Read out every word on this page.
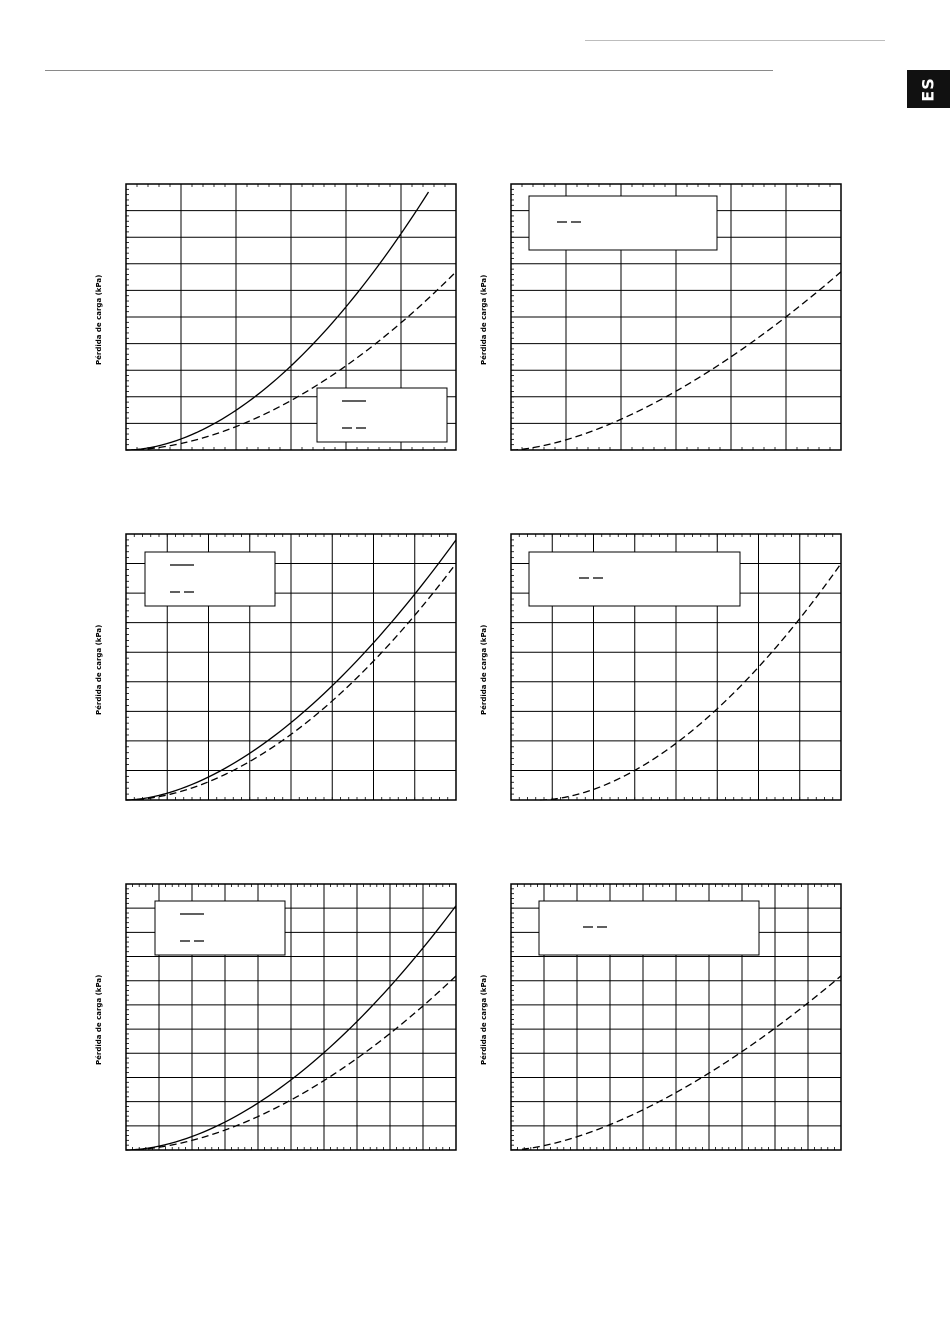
ES
Pérdida de carga (kPa)	Pérdida de carga (kPa)
Pérdida de carga (kPa)	Pérdida de carga (kPa)
Pérdida de carga (kPa)	Pérdida de carga (kPa)
